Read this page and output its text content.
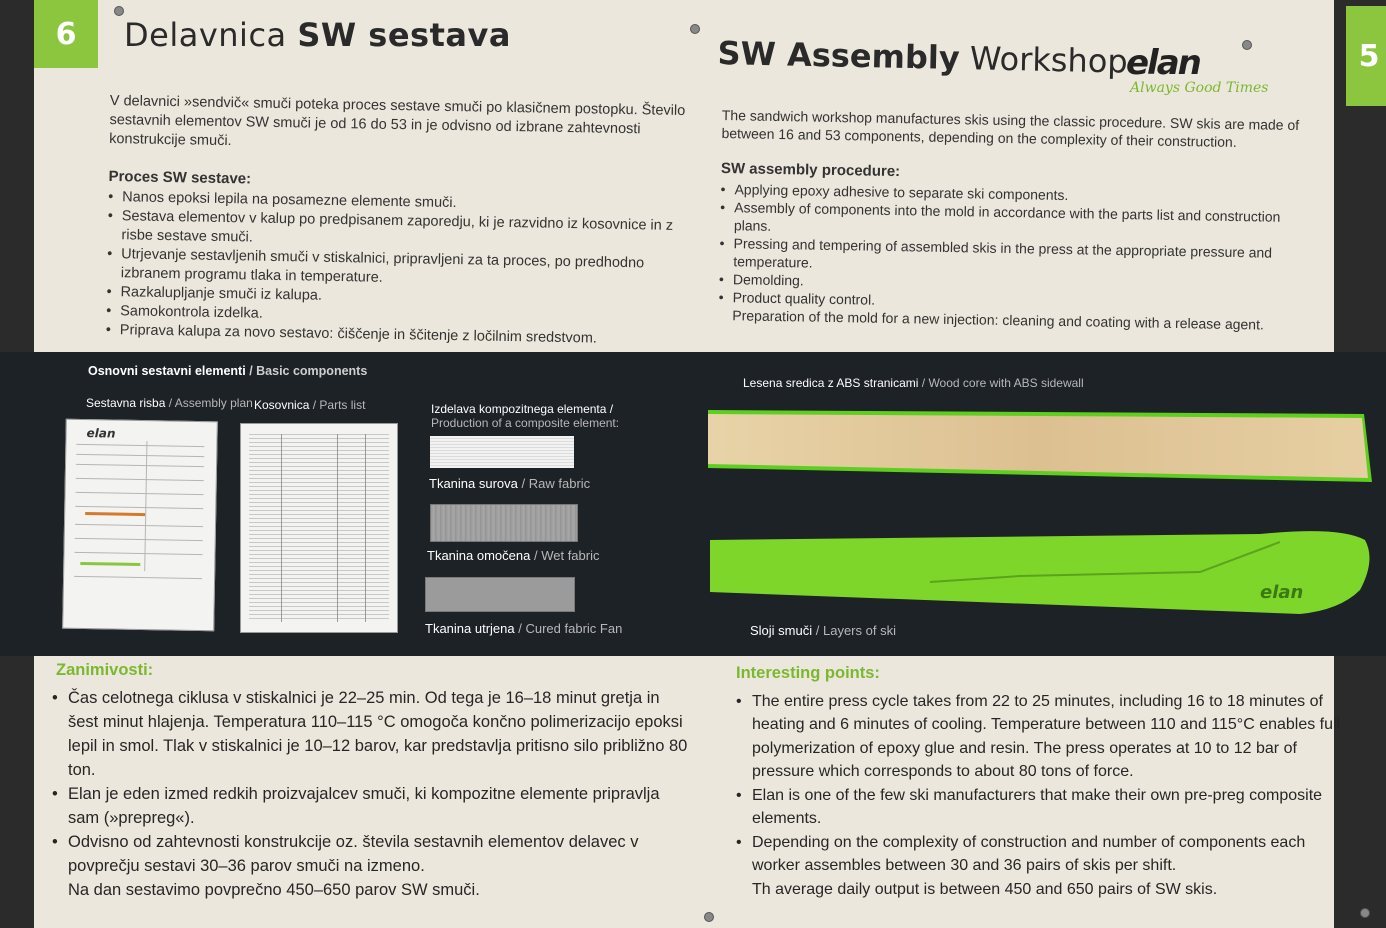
6
5
Delavnica SW sestava	SW Assembly Workshop
elan
Always Good Times

V delavnici »sendvič« smuči poteka proces sestave smuči po klasičnem postopku. Število sestavnih elementov SW smuči je od 16 do 53 in je odvisno od izbrane zahtevnosti konstrukcije smuči.

Proces SW sestave:

• Nanos epoksi lepila na posamezne elemente smuči.
• Sestava elementov v kalup po predpisanem zaporedju, ki je razvidno iz kosovnice in z risbe sestave smuči.
• Utrjevanje sestavljenih smuči v stiskalnici, pripravljeni za ta proces, po predhodno izbranem programu tlaka in temperature.
• Razkalupljanje smuči iz kalupa.
• Samokontrola izdelka.
• Priprava kalupa za novo sestavo: čiščenje in ščitenje z ločilnim sredstvom.

The sandwich workshop manufactures skis using the classic procedure. SW skis are made of between 16 and 53 components, depending on the complexity of their construction.

SW assembly procedure:

• Applying epoxy adhesive to separate ski components.
• Assembly of components into the mold in accordance with the parts list and construction plans.
• Pressing and tempering of assembled skis in the press at the appropriate pressure and temperature.
• Demolding.
• Product quality control.
Preparation of the mold for a new injection: cleaning and coating with a release agent.
Osnovni sestavni elementi / Basic components
Sestavna risba / Assembly plan Kosovnica / Parts list
elan
Izdelava kompozitnega elementa /
Production of a composite element:
Tkanina surova / Raw fabric
Tkanina omočena / Wet fabric
Tkanina utrjena / Cured fabric Fan
Lesena sredica z ABS stranicami / Wood core with ABS sidewall
elan
Sloji smuči / Layers of ski
Zanimivosti:
• Čas celotnega ciklusa v stiskalnici je 22–25 min. Od tega je 16–18 minut gretja in šest minut hlajenja. Temperatura 110–115 °C omogoča končno polimerizacijo epoksi lepil in smol. Tlak v stiskalnici je 10–12 barov, kar predstavlja pritisno silo približno 80 ton.
• Elan je eden izmed redkih proizvajalcev smuči, ki kompozitne elemente pripravlja sam (»prepreg«).
• Odvisno od zahtevnosti konstrukcije oz. števila sestavnih elementov delavec v povprečju sestavi 30–36 parov smuči na izmeno.
Na dan sestavimo povprečno 450–650 parov SW smuči.
Interesting points:
• The entire press cycle takes from 22 to 25 minutes, including 16 to 18 minutes of heating and 6 minutes of cooling. Temperature between 110 and 115°C enables full polymerization of epoxy glue and resin. The press operates at 10 to 12 bar of pressure which corresponds to about 80 tons of force.
• Elan is one of the few ski manufacturers that make their own pre-preg composite elements.
• Depending on the complexity of construction and number of components each worker assembles between 30 and 36 pairs of skis per shift.
Th average daily output is between 450 and 650 pairs of SW skis.
